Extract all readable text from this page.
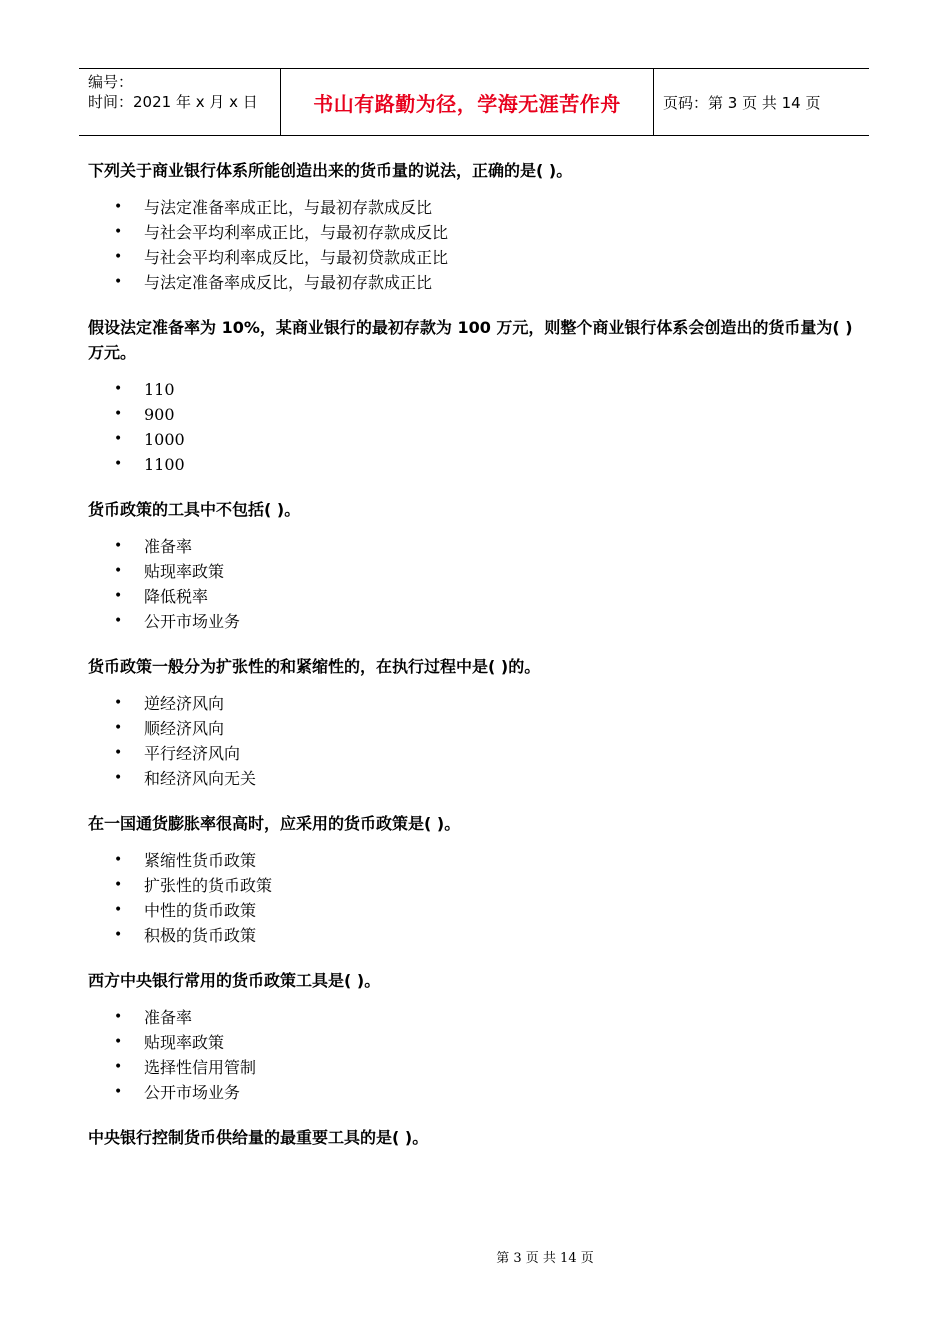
编号：
时间：2021 年 x 月 x 日	书山有路勤为径，学海无涯苦作舟	页码：第 3 页 共 14 页

下列关于商业银行体系所能创造出来的货币量的说法，正确的是( )。

• 与法定准备率成正比，与最初存款成反比
• 与社会平均利率成正比，与最初存款成反比
• 与社会平均利率成反比，与最初贷款成正比
• 与法定准备率成反比，与最初存款成正比

假设法定准备率为 10%，某商业银行的最初存款为 100 万元，则整个商业银行体系会创造出的货币量为( )万元。

• 110
• 900
• 1000
• 1100

货币政策的工具中不包括( )。

• 准备率
• 贴现率政策
• 降低税率
• 公开市场业务

货币政策一般分为扩张性的和紧缩性的，在执行过程中是( )的。

• 逆经济风向
• 顺经济风向
• 平行经济风向
• 和经济风向无关

在一国通货膨胀率很高时，应采用的货币政策是( )。

• 紧缩性货币政策
• 扩张性的货币政策
• 中性的货币政策
• 积极的货币政策

西方中央银行常用的货币政策工具是( )。

• 准备率
• 贴现率政策
• 选择性信用管制
• 公开市场业务

中央银行控制货币供给量的最重要工具的是( )。

第 3 页 共 14 页
